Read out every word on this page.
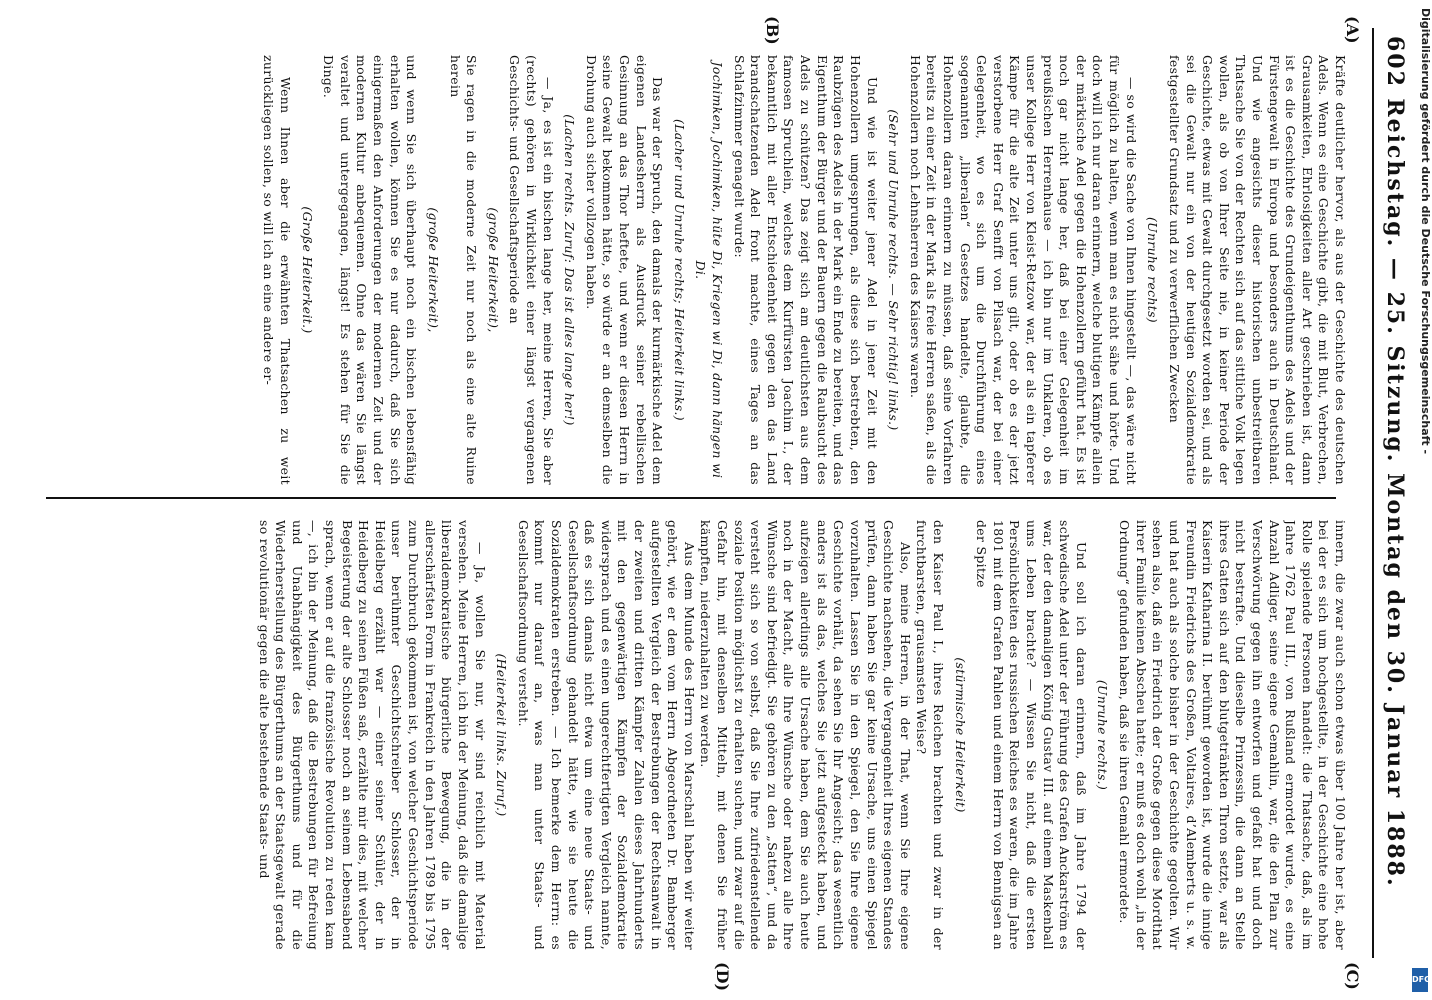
602
Reichstag. — 25. Sitzung. Montag den 30. Januar 1888.
(A)
(B)
(C)
(D)

Kräfte deutlicher hervor, als aus der Geschichte des deutschen Adels. Wenn es eine Geschichte gibt, die mit Blut, Verbrechen, Grausamkeiten, Ehrlosigkeiten aller Art geschrieben ist, dann ist es die Geschichte des Grundeigenthums des Adels und der Fürstengewalt in Europa und besonders auch in Deutschland. Und wie angesichts dieser historischen unbestreitbaren Thatsache Sie von der Rechten sich auf das sittliche Volk legen wollen, als ob von Ihrer Seite nie, in keiner Periode der Geschichte, etwas mit Gewalt durchgesetzt worden sei, und als sei die Gewalt nur ein von der heutigen Sozialdemokratie festgestellter Grundsatz und zu verwerflichen Zwecken

(Unruhe rechts)

— so wird die Sache von Ihnen hingestellt —, das wäre nicht für möglich zu halten, wenn man es nicht sähe und hörte. Und doch will ich nur daran erinnern, welche blutigen Kämpfe allein der märkische Adel gegen die Hohenzollern geführt hat. Es ist noch gar nicht lange her, daß bei einer Gelegenheit im preußischen Herrenhause — ich bin nur im Unklaren, ob es unser Kollege Herr von Kleist-Retzow war, der als ein tapferer Kämpe für die alte Zeit unter uns gilt, oder ob es der jetzt verstorbene Herr Graf Senfft von Pilsach war, der bei einer Gelegenheit, wo es sich um die Durchführung eines sogenannten „liberalen“ Gesetzes handelte, glaubte, die Hohenzollern daran erinnern zu müssen, daß seine Vorfahren bereits zu einer Zeit in der Mark als freie Herren saßen, als die Hohenzollern noch Lehnsherren des Kaisers waren.

(Sehr und Unruhe rechts. — Sehr richtig! links.)

Und wie ist weiter jener Adel in jener Zeit mit den Hohenzollern umgesprungen, als diese sich bestrebten, den Raubzügen des Adels in der Mark ein Ende zu bereiten, und das Eigenthum der Bürger und der Bauern gegen die Raubsucht des Adels zu schützen? Das zeigt sich am deutlichsten aus dem famosen Spruchlein, welches dem Kurfürsten Joachim I., der bekanntlich mit aller Entschiedenheit gegen den das Land brandschatzenden Adel front machte, eines Tages an das Schlafzimmer genagelt wurde:

Jochimken, Jochimken, hüte Di, Kriegen wi Di, dann hängen wi Di.

(Lacher und Unruhe rechts; Heiterkeit links.)

Das war der Spruch, den damals der kurmärkische Adel dem eigenen Landesherrn als Ausdruck seiner rebellischen Gesinnung an das Thor heftete, und wenn er diesen Herrn in seine Gewalt bekommen hätte, so würde er an demselben die Drohung auch sicher vollzogen haben.

(Lachen rechts. Zuruf: Das ist alles lange her!)

— Ja, es ist ein bischen lange her, meine Herren, Sie aber (rechts) gehören in Wirklichkeit einer längst vergangenen Geschichts- und Gesellschaftsperiode an

(große Heiterkeit),

Sie ragen in die moderne Zeit nur noch als eine alte Ruine herein

(große Heiterkeit),

und wenn Sie sich überhaupt noch ein bischen lebensfähig erhalten wollen, können Sie es nur dadurch, daß Sie sich einigermaßen den Anforderungen der modernen Zeit und der modernen Kultur anbequemen. Ohne das wären Sie längst veraltet und untergegangen, längst! Es stehen für Sie die Dinge.

(Große Heiterkeit.)

Wenn Ihnen aber die erwähnten Thatsachen zu weit zurückliegen sollen, so will ich an eine andere er-

innern, die zwar auch schon etwas über 100 Jahre her ist, aber bei der es sich um hochgestellte, in der Geschichte eine hohe Rolle spielende Personen handelt: die Thatsache, daß, als im Jahre 1762 Paul III., von Rußland ermordet wurde, es eine Anzahl Adliger, seine eigene Gemahlin, war, die den Plan zur Verschwörung gegen ihn entworfen und gefaßt hat und doch nicht bestrafte. Und dieselbe Prinzessin, die dann an Stelle ihres Gatten sich auf den blutgetränkten Thron setzte, war als Kaiserin Katharina II. berühmt geworden ist, wurde die innige Freundin Friedrichs des Großen, Voltaires, d’Alemberts u. s. w. und hat auch als solche bisher in der Geschichte gegolten. Wir sehen also, daß ein Friedrich der Große gegen diese Mordthat ihrer Familie keinen Abscheu hatte; er muß es doch wohl „in der Ordnung“ gefunden haben, daß sie ihren Gemahl ermordete.

(Unruhe rechts.)

Und soll ich daran erinnern, daß im Jahre 1794 der schwedische Adel unter der Führung des Grafen Anckarström es war, der den damaligen König Gustav III. auf einem Maskenball ums Leben brachte? — Wissen Sie nicht, daß die ersten Persönlichkeiten des russischen Reiches es waren, die im Jahre 1801 mit dem Grafen Pahlen und einem Herrn von Bennigsen an der Spitze

(stürmische Heiterkeit)

den Kaiser Paul I., ihres Reichen brachten und zwar in der furchtbarsten, grausamsten Weise?

Also, meine Herren, in der That, wenn Sie Ihre eigene Geschichte nachsehen, die Vergangenheit Ihres eigenen Standes prüfen, dann haben Sie gar keine Ursache, uns einen Spiegel vorzuhalten. Lassen Sie in den Spiegel, den Sie Ihre eigene Geschichte vorhält, da sehen Sie Ihr Angesicht; das wesentlich anders ist als das, welches Sie jetzt aufgesteckt haben, und aufzeigen allerdings alle Ursache haben, dem Sie auch heute noch in der Macht, alle Ihre Wünsche oder nahezu alle Ihre Wünsche sind befriedigt. Sie gehören zu den „Satten“, und da versteht sich so von selbst, daß Sie Ihre zufriedenstellende soziale Position möglichst zu erhalten suchen, und zwar auf die Gefahr hin, mit denselben Mitteln, mit denen Sie früher kämpften, niederzuhalten zu werden.

Aus dem Munde des Herrn von Marschall haben wir weiter gehört, wie er dem vom Herrn Abgeordneten Dr. Bamberger aufgestellten Vergleich der Bestrebungen der Rechtsanwalt in der zweiten und dritten Kämpfer Zahlen dieses Jahrhunderts mit den gegenwärtigen Kämpfen der Sozialdemokratie widersprach und es einen ungerechtfertigten Vergleich nannte, daß es sich damals nicht etwa um eine neue Staats- und Gesellschaftsordnung gehandelt hätte, wie sie heute die Sozialdemokraten erstreben. — Ich bemerke dem Herrn: es kommt nur darauf an, was man unter Staats- und Gesellschaftsordnung versteht.

(Heiterkeit links. Zuruf.)

— Ja, wollen Sie nur, wir sind reichlich mit Material versehen. Meine Herren, ich bin der Meinung, daß die damalige liberaldemokratische bürgerliche Bewegung, die in der allerschärfsten Form in Frankreich in den Jahren 1789 bis 1795 zum Durchbruch gekommen ist, von welcher Geschichtsperiode unser berühmter Geschichtschreiber Schlosser, der in Heidelberg erzählt war — einer seiner Schüler, der in Heidelberg zu seinen Füßen saß, erzählte mir dies, mit welcher Begeisterung der alte Schlosser noch an seinem Lebensabend sprach, wenn er auf die französische Revolution zu reden kam —, ich bin der Meinung, daß die Bestrebungen für Befreiung und Unabhängigkeit des Bürgerthums und für die Wiederherstellung des Bürgerthums an der Staatsgewalt gerade so revolutionär gegen die alte bestehende Staats- und

Digitalisierung gefördert durch die Deutsche Forschungsgemeinschaft -
DFG
